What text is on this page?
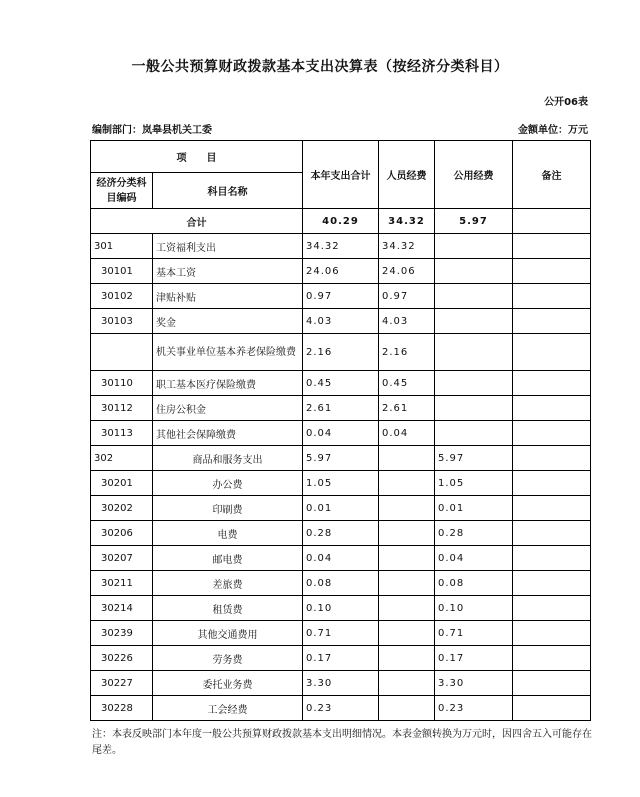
一般公共预算财政拨款基本支出决算表（按经济分类科目）
公开06表
编制部门：岚皋县机关工委	金额单位：万元
项　　目		本年支出合计	人员经费	公用经费	备注
经济分类科目编码	科目名称				
合计		40.29	34.32	5.97	
301	工资福利支出	34.32	34.32		
30101	基本工资	24.06	24.06		
30102	津贴补贴	0.97	0.97		
30103	奖金	4.03	4.03		
	机关事业单位基本养老保险缴费	2.16	2.16		
30110	职工基本医疗保险缴费	0.45	0.45		
30112	住房公积金	2.61	2.61		
30113	其他社会保障缴费	0.04	0.04		
302	商品和服务支出	5.97		5.97	
30201	办公费	1.05		1.05	
30202	印刷费	0.01		0.01	
30206	电费	0.28		0.28	
30207	邮电费	0.04		0.04	
30211	差旅费	0.08		0.08	
30214	租赁费	0.10		0.10	
30239	其他交通费用	0.71		0.71	
30226	劳务费	0.17		0.17	
30227	委托业务费	3.30		3.30	
30228	工会经费	0.23		0.23	
注：本表反映部门本年度一般公共预算财政拨款基本支出明细情况。本表金额转换为万元时，因四舍五入可能存在尾差。
